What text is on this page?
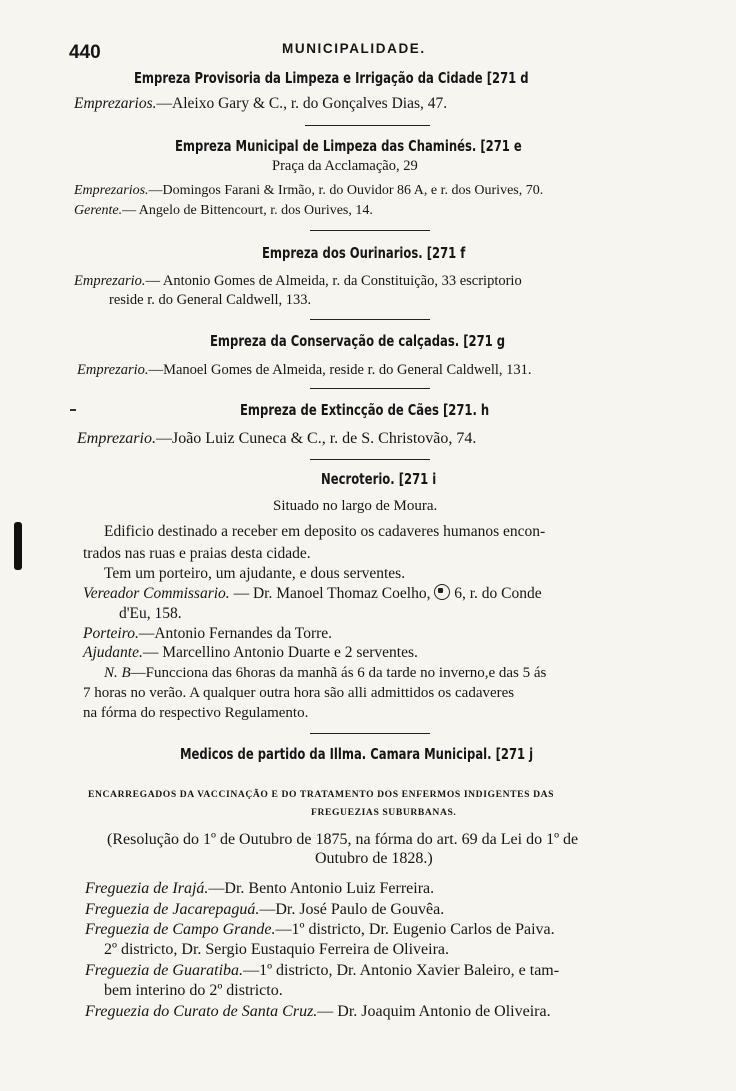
440	MUNICIPALIDADE.
Empreza Provisoria da Limpeza e Irrigação da Cidade [271 d
Emprezarios.—Aleixo Gary & C., r. do Gonçalves Dias, 47.
Empreza Municipal de Limpeza das Chaminés. [271 e
Praça da Acclamação, 29
Emprezarios.—Domingos Farani & Irmão, r. do Ouvidor 86 A, e r. dos Ourives, 70.
Gerente.— Angelo de Bittencourt, r. dos Ourives, 14.
Empreza dos Ourinarios. [271 f
Emprezario.— Antonio Gomes de Almeida, r. da Constituição, 33 escriptorio
reside r. do General Caldwell, 133.
Empreza da Conservação de calçadas. [271 g
Emprezario.—Manoel Gomes de Almeida, reside r. do General Caldwell, 131.
Empreza de Extincção de Cães [271. h
Emprezario.—João Luiz Cuneca & C., r. de S. Christovão, 74.
Necroterio. [271 i
Situado no largo de Moura.
Edificio destinado a receber em deposito os cadaveres humanos encon-
trados nas ruas e praias desta cidade.
Tem um porteiro, um ajudante, e dous serventes.
Vereador Commissario. — Dr. Manoel Thomaz Coelho, 6, r. do Conde
d'Eu, 158.
Porteiro.—Antonio Fernandes da Torre.
Ajudante.— Marcellino Antonio Duarte e 2 serventes.
N. B—Funcciona das 6horas da manhã ás 6 da tarde no inverno,e das 5 ás
7 horas no verão. A qualquer outra hora são alli admittidos os cadaveres
na fórma do respectivo Regulamento.
Medicos de partido da Illma. Camara Municipal. [271 j
ENCARREGADOS DA VACCINAÇÃO E DO TRATAMENTO DOS ENFERMOS INDIGENTES DAS
FREGUEZIAS SUBURBANAS.
(Resolução do 1º de Outubro de 1875, na fórma do art. 69 da Lei do 1º de
Outubro de 1828.)
Freguezia de Irajá.—Dr. Bento Antonio Luiz Ferreira.
Freguezia de Jacarepaguá.—Dr. José Paulo de Gouvêa.
Freguezia de Campo Grande.—1º districto, Dr. Eugenio Carlos de Paiva.
2º districto, Dr. Sergio Eustaquio Ferreira de Oliveira.
Freguezia de Guaratiba.—1º districto, Dr. Antonio Xavier Baleiro, e tam-
bem interino do 2º districto.
Freguezia do Curato de Santa Cruz.— Dr. Joaquim Antonio de Oliveira.
